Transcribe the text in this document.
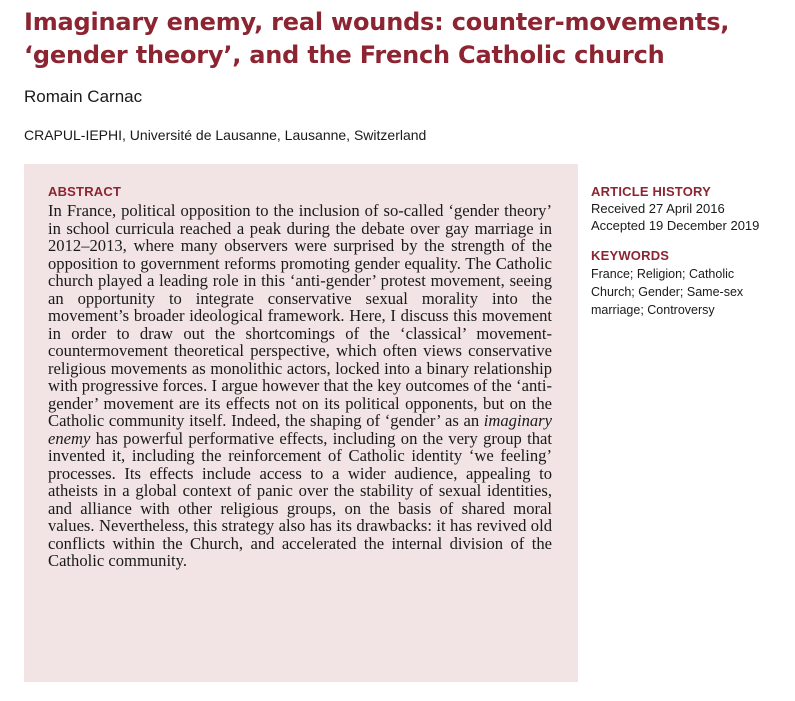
Imaginary enemy, real wounds: counter-movements, ‘gender theory’, and the French Catholic church
Romain Carnac
CRAPUL-IEPHI, Université de Lausanne, Lausanne, Switzerland
ABSTRACT

In France, political opposition to the inclusion of so-called ‘gender theory’ in school curricula reached a peak during the debate over gay marriage in 2012–2013, where many observers were surprised by the strength of the opposition to government reforms promoting gender equality. The Catholic church played a leading role in this ‘anti-gender’ protest movement, seeing an opportunity to integrate conservative sexual morality into the movement’s broader ideological framework. Here, I discuss this movement in order to draw out the shortcomings of the ‘classical’ movement-countermovement theoretical perspective, which often views conservative religious movements as monolithic actors, locked into a binary relationship with progressive forces. I argue however that the key outcomes of the ‘anti-gender’ movement are its effects not on its political opponents, but on the Catholic community itself. Indeed, the shaping of ‘gender’ as an imaginary enemy has powerful performative effects, including on the very group that invented it, including the reinforcement of Catholic identity ‘we feeling’ processes. Its effects include access to a wider audience, appealing to atheists in a global context of panic over the stability of sexual identities, and alliance with other religious groups, on the basis of shared moral values. Nevertheless, this strategy also has its drawbacks: it has revived old conflicts within the Church, and accelerated the internal division of the Catholic community.

ARTICLE HISTORY
Received 27 April 2016
Accepted 19 December 2019
KEYWORDS

France; Religion; Catholic Church; Gender; Same-sex marriage; Controversy
